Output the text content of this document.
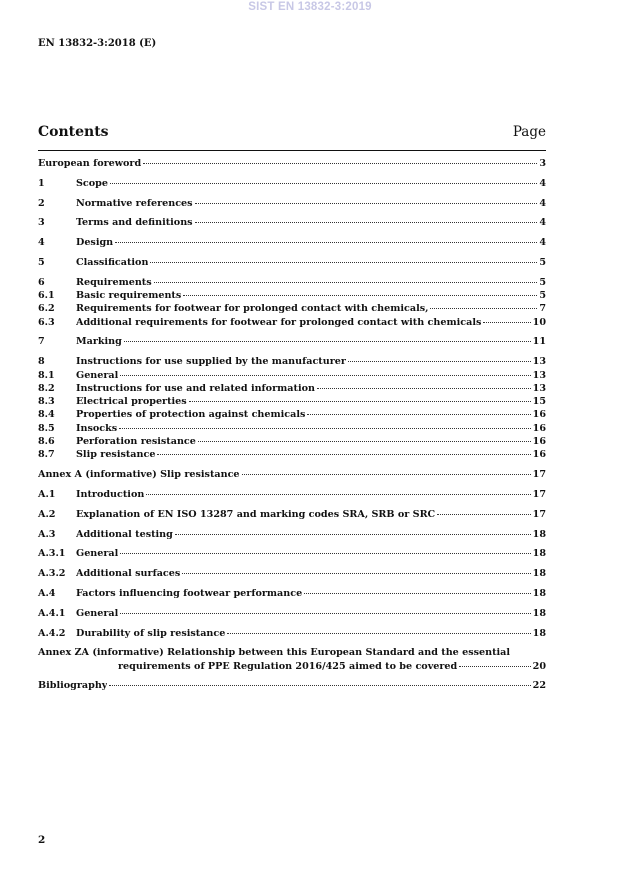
SIST EN 13832-3:2019
EN 13832-3:2018 (E)
Contents	Page
European foreword	3
1	Scope	4
2	Normative references	4
3	Terms and definitions	4
4	Design	4
5	Classification	5
6	Requirements	5
6.1	Basic requirements	5
6.2	Requirements for footwear for prolonged contact with chemicals,	7
6.3	Additional requirements for footwear for prolonged contact with chemicals	10
7	Marking	11
8	Instructions for use supplied by the manufacturer	13
8.1	General	13
8.2	Instructions for use and related information	13
8.3	Electrical properties	15
8.4	Properties of protection against chemicals	16
8.5	Insocks	16
8.6	Perforation resistance	16
8.7	Slip resistance	16
Annex A (informative) Slip resistance	17
A.1	Introduction	17
A.2	Explanation of EN ISO 13287 and marking codes SRA, SRB or SRC	17
A.3	Additional testing	18
A.3.1	General	18
A.3.2	Additional surfaces	18
A.4	Factors influencing footwear performance	18
A.4.1	General	18
A.4.2	Durability of slip resistance	18
Annex ZA (informative) Relationship between this European Standard and the essential
requirements of PPE Regulation 2016/425 aimed to be covered	20
Bibliography	22
2
